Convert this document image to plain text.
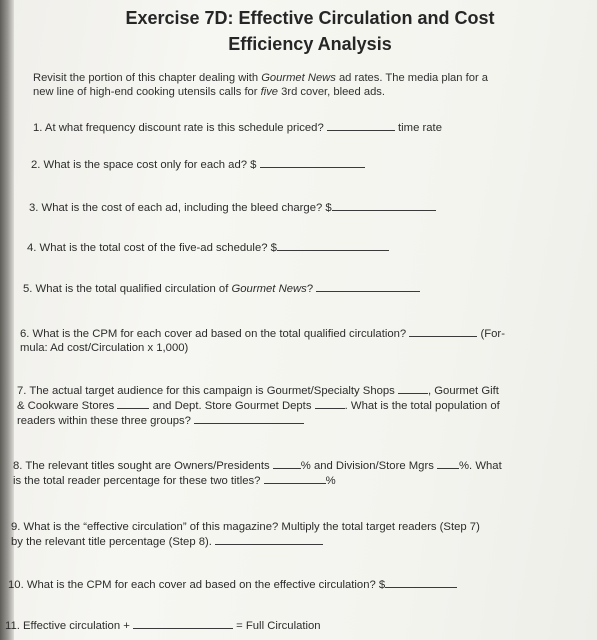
Exercise 7D: Effective Circulation and Cost
Efficiency Analysis

Revisit the portion of this chapter dealing with Gourmet News ad rates. The media plan for a
new line of high-end cooking utensils calls for five 3rd cover, bleed ads.

1. At what frequency discount rate is this schedule priced?	time rate

2. What is the space cost only for each ad? $

3. What is the cost of each ad, including the bleed charge? $

4. What is the total cost of the five-ad schedule? $

5. What is the total qualified circulation of Gourmet News?

6. What is the CPM for each cover ad based on the total qualified circulation?	(For-
mula: Ad cost/Circulation x 1,000)

7. The actual target audience for this campaign is Gourmet/Specialty Shops	, Gourmet Gift
& Cookware Stores	and Dept. Store Gourmet Depts	. What is the total population of
readers within these three groups?

8. The relevant titles sought are Owners/Presidents	% and Division/Store Mgrs %. What
is the total reader percentage for these two titles?	%

9. What is the “effective circulation” of this magazine? Multiply the total target readers (Step 7)
by the relevant title percentage (Step 8).

10. What is the CPM for each cover ad based on the effective circulation? $

11. Effective circulation +	= Full Circulation
